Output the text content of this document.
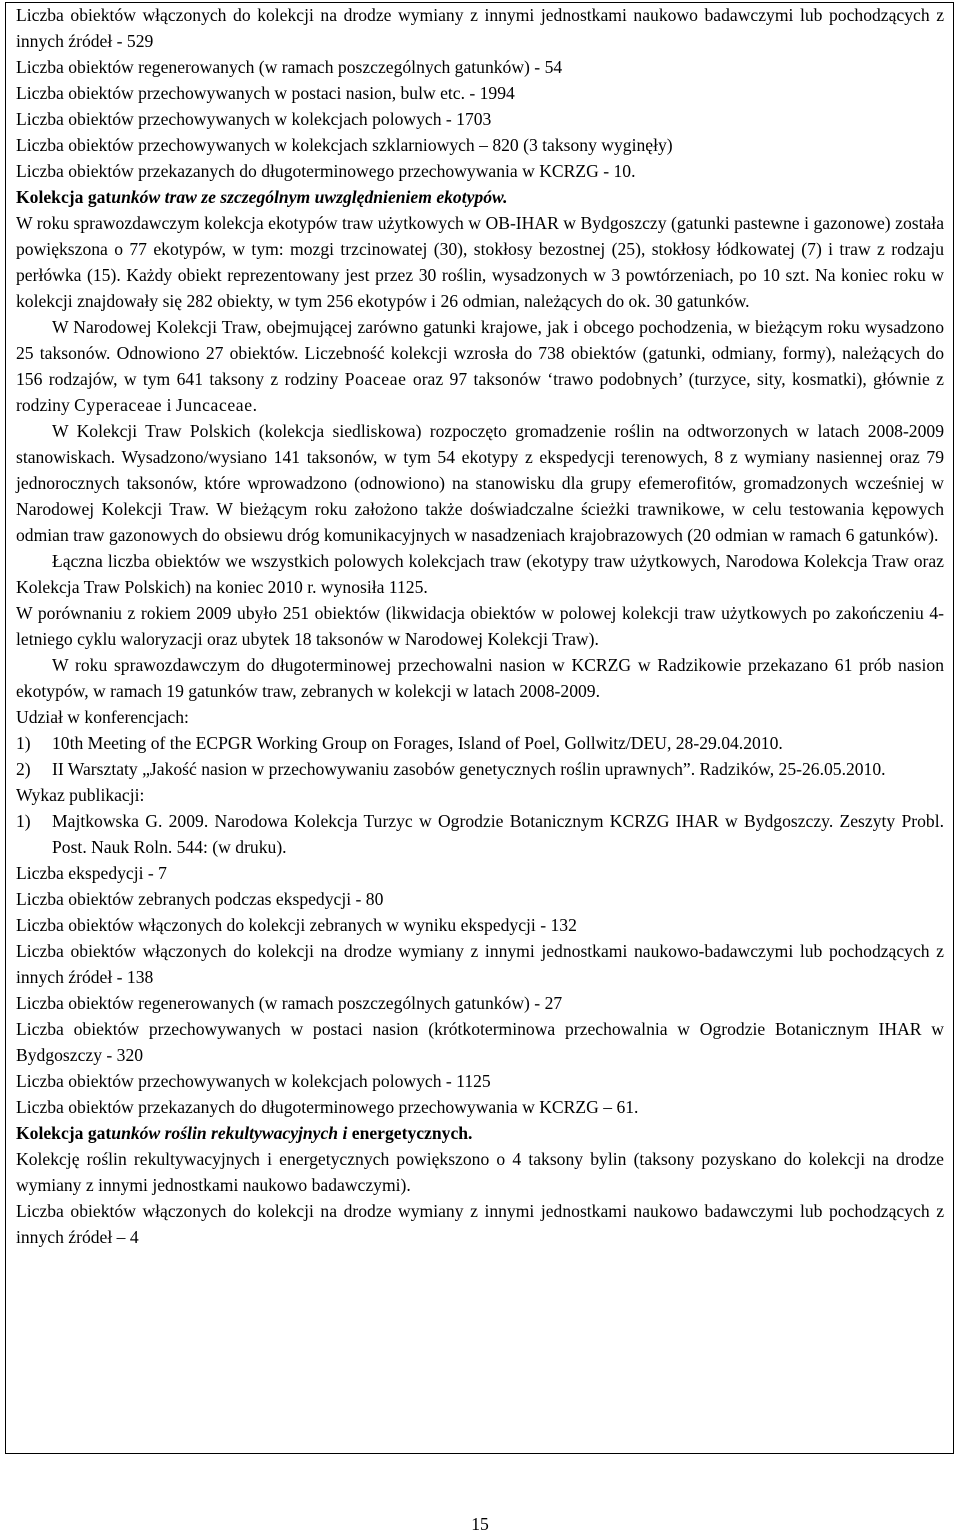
Liczba obiektów włączonych do kolekcji na drodze wymiany z innymi jednostkami naukowo badawczymi lub pochodzących z innych źródeł - 529

Liczba obiektów regenerowanych (w ramach poszczególnych gatunków) - 54

Liczba obiektów przechowywanych w postaci nasion, bulw etc. - 1994

Liczba obiektów przechowywanych w kolekcjach polowych - 1703

Liczba obiektów przechowywanych w kolekcjach szklarniowych – 820 (3 taksony wyginęły)

Liczba obiektów przekazanych do długoterminowego przechowywania w KCRZG - 10.

Kolekcja gatunków traw ze szczególnym uwzględnieniem ekotypów.

W roku sprawozdawczym kolekcja ekotypów traw użytkowych w OB-IHAR w Bydgoszczy (gatunki pastewne i gazonowe) została powiększona o 77 ekotypów, w tym: mozgi trzcinowatej (30), stokłosy bezostnej (25), stokłosy łódkowatej (7) i traw z rodzaju perłówka (15). Każdy obiekt reprezentowany jest przez 30 roślin, wysadzonych w 3 powtórzeniach, po 10 szt. Na koniec roku w kolekcji znajdowały się 282 obiekty, w tym 256 ekotypów i 26 odmian, należących do ok. 30 gatunków.

W Narodowej Kolekcji Traw, obejmującej zarówno gatunki krajowe, jak i obcego pochodzenia, w bieżącym roku wysadzono 25 taksonów. Odnowiono 27 obiektów. Liczebność kolekcji wzrosła do 738 obiektów (gatunki, odmiany, formy), należących do 156 rodzajów, w tym 641 taksony z rodziny Poaceae oraz 97 taksonów ‘trawo podobnych’ (turzyce, sity, kosmatki), głównie z rodziny Cyperaceae i Juncaceae.

W Kolekcji Traw Polskich (kolekcja siedliskowa) rozpoczęto gromadzenie roślin na odtworzonych w latach 2008-2009 stanowiskach. Wysadzono/wysiano 141 taksonów, w tym 54 ekotypy z ekspedycji terenowych, 8 z wymiany nasiennej oraz 79 jednorocznych taksonów, które wprowadzono (odnowiono) na stanowisku dla grupy efemerofitów, gromadzonych wcześniej w Narodowej Kolekcji Traw. W bieżącym roku założono także doświadczalne ścieżki trawnikowe, w celu testowania kępowych odmian traw gazonowych do obsiewu dróg komunikacyjnych w nasadzeniach krajobrazowych (20 odmian w ramach 6 gatunków).

Łączna liczba obiektów we wszystkich polowych kolekcjach traw (ekotypy traw użytkowych, Narodowa Kolekcja Traw oraz Kolekcja Traw Polskich) na koniec 2010 r. wynosiła 1125.

W porównaniu z rokiem 2009 ubyło 251 obiektów (likwidacja obiektów w polowej kolekcji traw użytkowych po zakończeniu 4-letniego cyklu waloryzacji oraz ubytek 18 taksonów w Narodowej Kolekcji Traw).

W roku sprawozdawczym do długoterminowej przechowalni nasion w KCRZG w Radzikowie przekazano 61 prób nasion ekotypów, w ramach 19 gatunków traw, zebranych w kolekcji w latach 2008-2009.

Udział w konferencjach:

1) 10th Meeting of the ECPGR Working Group on Forages, Island of Poel, Gollwitz/DEU, 28-29.04.2010.
2) II Warsztaty „Jakość nasion w przechowywaniu zasobów genetycznych roślin uprawnych”. Radzików, 25-26.05.2010.

Wykaz publikacji:

1) Majtkowska G. 2009. Narodowa Kolekcja Turzyc w Ogrodzie Botanicznym KCRZG IHAR w Bydgoszczy. Zeszyty Probl. Post. Nauk Roln. 544: (w druku).

Liczba ekspedycji - 7

Liczba obiektów zebranych podczas ekspedycji - 80

Liczba obiektów włączonych do kolekcji zebranych w wyniku ekspedycji - 132

Liczba obiektów włączonych do kolekcji na drodze wymiany z innymi jednostkami naukowo-badawczymi lub pochodzących z innych źródeł - 138

Liczba obiektów regenerowanych (w ramach poszczególnych gatunków) - 27

Liczba obiektów przechowywanych w postaci nasion (krótkoterminowa przechowalnia w Ogrodzie Botanicznym IHAR w Bydgoszczy - 320

Liczba obiektów przechowywanych w kolekcjach polowych - 1125

Liczba obiektów przekazanych do długoterminowego przechowywania w KCRZG – 61.

Kolekcja gatunków roślin rekultywacyjnych i energetycznych.

Kolekcję roślin rekultywacyjnych i energetycznych powiększono o 4 taksony bylin (taksony pozyskano do kolekcji na drodze wymiany z innymi jednostkami naukowo badawczymi).

Liczba obiektów włączonych do kolekcji na drodze wymiany z innymi jednostkami naukowo badawczymi lub pochodzących z innych źródeł – 4

15
